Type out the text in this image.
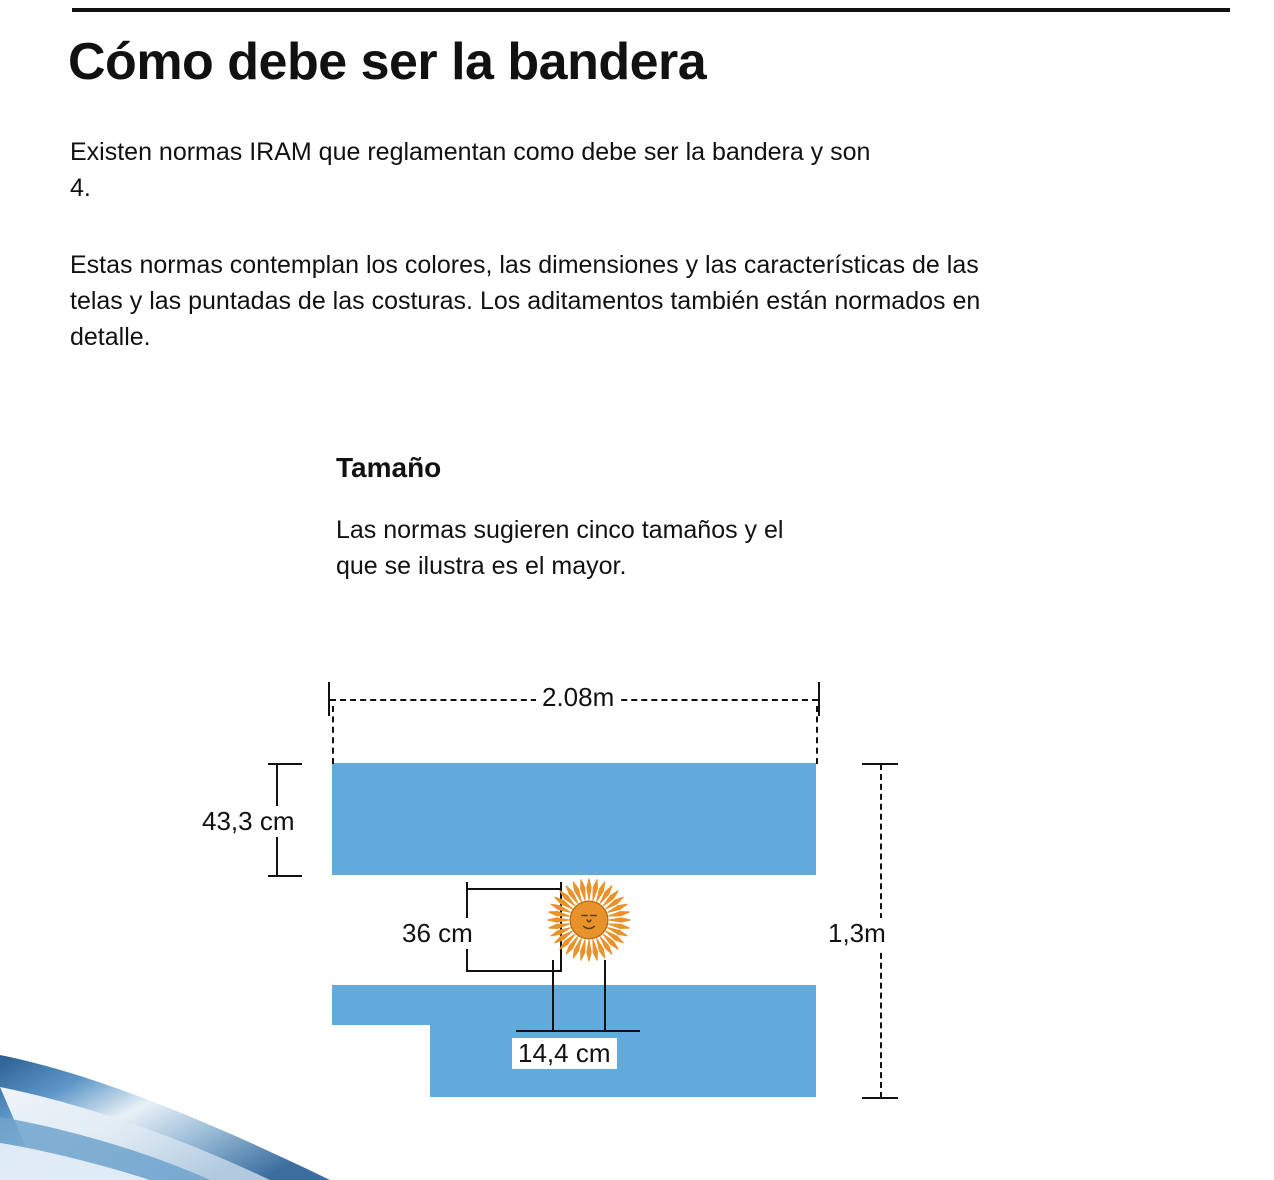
Cómo debe ser la bandera
Existen normas IRAM que reglamentan como debe ser la bandera y son 4.
Estas normas contemplan los colores, las dimensiones y las características de las telas y las puntadas de las costuras. Los aditamentos también están normados en detalle.
Tamaño
Las normas sugieren cinco tamaños y el que se ilustra es el mayor.
2.08m
43,3 cm
1,3m
36 cm
14,4 cm
